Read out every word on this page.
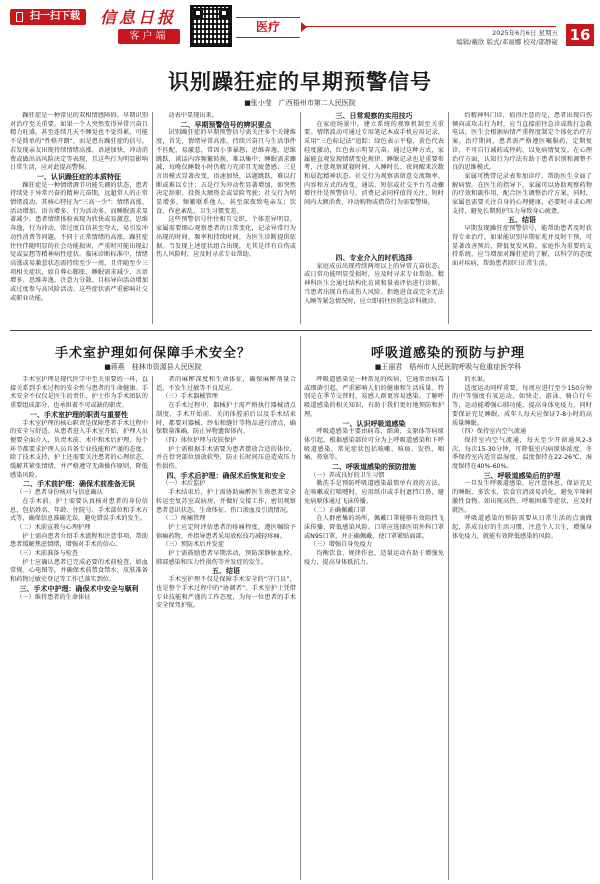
扫一扫下载	信息日报
客户端
医疗	2025年6月6日 星期五
编辑/戴欣 版式/邓丽娜 校对/邵静崴 16
识别躁狂症的早期预警信号
■张小莹　广西梧州市第二人民医院

躁狂症是一种常见的双相情感障碍。早期识别对治疗至关重要。如果一个人突然变得异常兴奋且精力旺盛，甚至连续几天不睡觉也不觉得累，可能不是简单的“性格开朗”，而是患有躁狂症的信号。若发现亲友出现持续情绪高涨、语速加快、冲动消费或做出高风险决定等表现，且这些行为明显影响日常生活，应对此提高警惕。

一、认识躁狂症的本质特征

躁狂症是一种情绪调节功能失调的状态，患者持续处于异常兴奋的精神亢奋期，远超常人的正常情绪波动。其核心特征为“三高一少”：情绪高涨、活动增加、语言增多、行为活动多，而睡眠需求显著减少。患者情绪体验表现为欣快或易激惹，思维奔逸，行为冲动，常过度自信甚至夸大，易引发冲动性消费等问题。不同于正常情绪的高涨，躁狂症往往伴随明显的社会功能损害，严重时可能出现幻觉或妄想等精神病性症状。临床诊断标准中，情绪高涨或易激惹状态需持续至少一周，且伴随至少三项相关症状，如自尊心膨胀、睡眠需求减少、言语增多、思维奔逸、注意力分散、目标导向活动增加或过度参与高风险活动。这些症状需严重影响社交或职业功能。

动表中显现出来。

二、早期预警信号的辨识要点

识别躁狂症的早期预警信号需关注多个关键维度，首先，情绪异常高涨，持续兴奋且与生活事件不匹配，易激惹，常因小事暴怒；思维奔逸，思维跳跃，谈话内容频繁转换，难以集中；睡眠需求骤减，每晚仅睡数小时仍精力充沛且无疲惫感；三是言语模式显著改变，语速加快，话题跳跃，难以打断或难以专注；五是行为冲动性显著增加，如突然决定辞职、投资大额资金或冒险驾驶；社交行为明显增多，频繁联系他人，甚至深夜致电亲友；饮食、作息紊乱，卫生习惯变差。

这些预警信号往往相互交织，个体差异明显。家属需要细心观察患者的日常变化，记录异常行为出现的时间、频率和持续时间，为医生诊断提供依据。当发现上述症状组合出现，尤其是伴有自伤或伤人风险时，应及时寻求专业帮助。

三、日常观察的实用技巧

在家庭场景中，建立系统的观察机制至关重要。情绪波动可通过专用笔记本或手机应用记录，采用“三色标记法”追踪：绿色表示平稳，黄色代表轻度激动，红色表示明显亢奋。通过这种方式，家属能直观发现情绪变化规律。睡眠记录也是重要参考，注意观察就寝时间、入睡时长、夜间醒来次数和晨起精神状态。社交行为观察需留意交流频率、内容和方式的改变，通话、短信或社交平台互动骤增往往是预警信号。消费记录同样值得关注，短时间内大额消费、冲动购物或借贷行为需要警惕。

四、专业介入的时机选择

家庭成员出现持续两周以上的异常亢奋状态，或日常功能明显受损时，应及时寻求专业帮助。精神科医生会通过结构化访谈和量表评估进行诊断。当患者出现自伤或伤人风险、拒绝进食或完全无法入睡等紧急情况时，应立即前往医院急诊科就诊。

约精神科门诊，值得注意的是，患者出现自伤倾向或攻击行为时，应当直接前往急诊或拨打急救电话，医生会根据病情严重程度制定个体化治疗方案。治疗期间，患者需严格遵医嘱服药，定期复诊，不可自行减药或停药，以免病情复发。在心理治疗方面，认知行为疗法有助于患者识别和调整不良的思维模式。

家属可携带记录表参加诊疗，帮助医生全面了解病情。在医生的指导下，家属可以协助观察药物的疗效和副作用，配合医生调整治疗方案。同时，家属也需要关注自身的心理健康，必要时寻求心理支持，避免长期照护压力导致身心疲惫。

五、结语

早期发现躁狂症预警信号，能帮助患者及时获得专业治疗。如果能识别早期征兆并及时干预，可显著改善预后，降低复发风险。家庭作为重要的支持系统，应当增加对躁狂症的了解，以科学的态度面对疾病，帮助患者回归正常生活。

手术室护理如何保障手术安全？
■蒋燕　桂林市资源县人民医院

手术室护理是现代医学中至关重要的一环，直接关系到手术过程的安全性与患者的生命健康。手术安全不仅仅是医生的责任，护士作为手术团队的重要组成部分，也承担着不可或缺的职责。

一、手术室护理的职责与重要性

手术室护理的核心职责是保障患者手术过程中的安全与舒适。从患者进入手术室开始，护理人员便要全面介入，负责术前、术中和术后护理，每个环节都要求护理人员具备专业技能和严谨的态度。除了技术支持，护士还需要关注患者的心理状态，缓解其紧张情绪，并严格遵守无菌操作原则，降低感染风险。

二、手术前护理：确保术前准备无误

（一）患者身份核对与信息确认

在手术前，护士需要认真核对患者的身份信息，包括姓名、年龄、住院号、手术部位和手术方式等，确保信息准确无误，避免错误手术的发生。

（二）术前宣教与心理护理

护士需向患者介绍手术流程和注意事项，帮助患者缓解焦虑情绪，增强对手术的信心。

（三）术前准备与检查

护士应确认患者已完成必要的术前检查，如血常规、心电图等，并确保术前禁食禁水、皮肤准备和药物过敏史登记等工作已落实到位。

三、手术中护理：确保术中安全与顺利

（一）维持患者的生命体征

者的麻醉深度和生命体征，确保麻醉剂量合适，不发生过敏等不良反应。

（三）手术器械管理

在手术过程中，器械护士需严格执行器械清点制度，手术开始前、关闭体腔前后以及手术结束时，都要对器械、纱布和缝针等物品进行清点，确保数量准确，防止异物遗留体内。

（四）体位护理与皮肤保护

护士需根据手术需要为患者摆放合适的体位，并在骨突部位加放软垫，防止长时间压迫造成压力性损伤。

四、手术后护理：确保术后恢复和安全

（一）术后监护

手术结束后，护士需协助麻醉医生将患者安全转运至复苏室或病房，并做好交接工作，密切观察患者意识状态、生命体征、伤口渗血及引流情况。

（二）疼痛管理

护士应定时评估患者的疼痛程度，遵医嘱给予镇痛药物，并指导患者采用放松技巧减轻疼痛。

（三）预防术后并发症

护士需鼓励患者早期活动，预防深静脉血栓、肺部感染和压力性损伤等并发症的发生。

五、结语

手术室护理不仅是保障手术安全的“守门员”，也是整个手术过程中的“协调者”。手术室护士凭借专业技能和严谨的工作态度，为每一位患者的手术安全保驾护航。

呼吸道感染的预防与护理
■王丽君　梧州市人民医院呼吸与危重症医学科

呼吸道感染是一种常见的疾病，它通常由病毒或细菌引起，严重影响人们的健康和生活质量。特别是在季节交替时，易感人群更容易感染。了解呼吸道感染的相关知识，有助于我们更好地预防和护理。

一、认识呼吸道感染

呼吸道感染主要由病毒、细菌、支原体等病原体引起，根据感染部位可分为上呼吸道感染和下呼吸道感染。常见症状包括咳嗽、咳痰、发热、咽痛、鼻塞等。

二、呼吸道感染的预防措施

（一）养成良好的卫生习惯

勤洗手是预防呼吸道感染最简单有效的方法。在咳嗽或打喷嚏时，应用纸巾或手肘遮挡口鼻，避免病原体通过飞沫传播。

（二）正确佩戴口罩

在人群密集的场所，佩戴口罩能够有效阻挡飞沫传播，降低感染风险。口罩应选择医用外科口罩或N95口罩，并正确佩戴，使口罩紧贴面部。

（三）增强自身免疫力

均衡饮食、规律作息、适量运动有助于增强免疫力，提高身体抵抗力。

的水果。

适度运动同样重要，每周应进行至少150分钟的中等强度有氧运动，如快走、游泳、骑自行车等，运动能增强心肺功能，提高身体免疫力。同时要保证充足睡眠，成年人每天应保证7-8小时的高质量睡眠。

（四）保持室内空气流通

保持室内空气流通，每天至少开窗通风2-3次，每次15-30分钟，可降低室内病原体浓度。冬季保持室内适宜温湿度，温度保持在22-26℃，湿度保持在40%-60%。

三、呼吸道感染后的护理

一旦发生呼吸道感染，应注意休息，保证充足的睡眠，多饮水，饮食宜清淡易消化，避免辛辣刺激性食物。如出现高热、呼吸困难等症状，应及时就医。

呼吸道感染的预防需要从日常生活的点滴做起，养成良好的生活习惯，注意个人卫生，增强身体免疫力，就能有效降低感染的风险。
